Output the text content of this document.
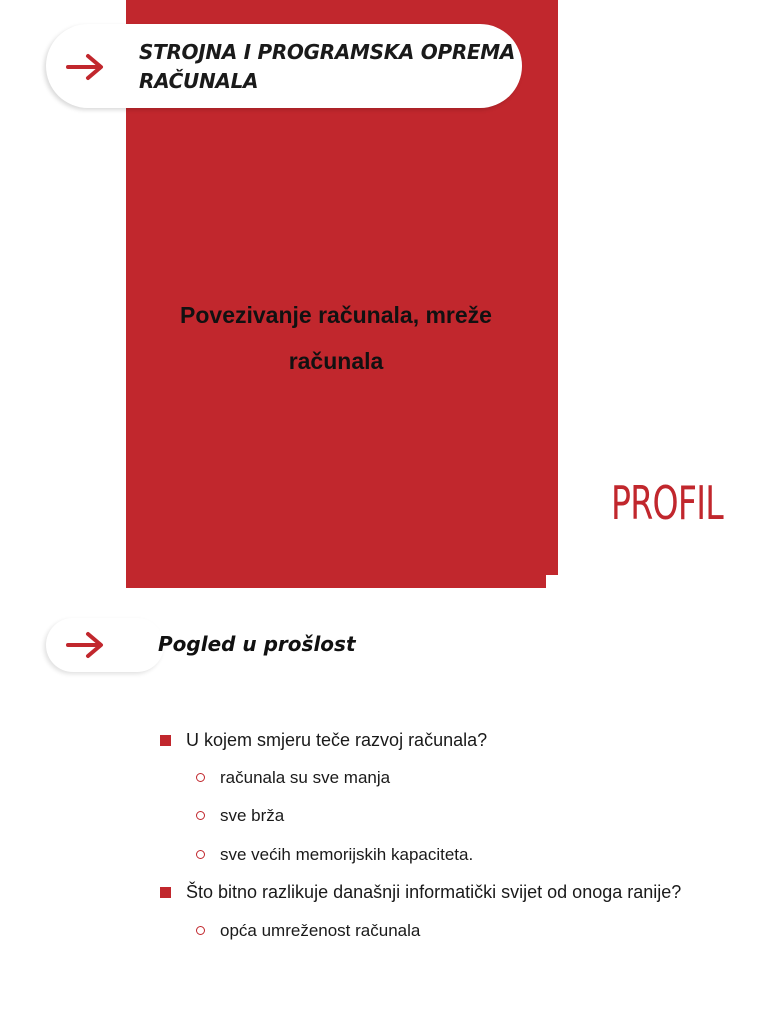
STROJNA I PROGRAMSKA OPREMA RAČUNALA
Povezivanje računala, mreže
računala
PROFIL
Pogled u prošlost
U kojem smjeru teče razvoj računala?
računala su sve manja
sve brža
sve većih memorijskih kapaciteta.
Što bitno razlikuje današnji informatički svijet od onoga ranije?
opća umreženost računala
